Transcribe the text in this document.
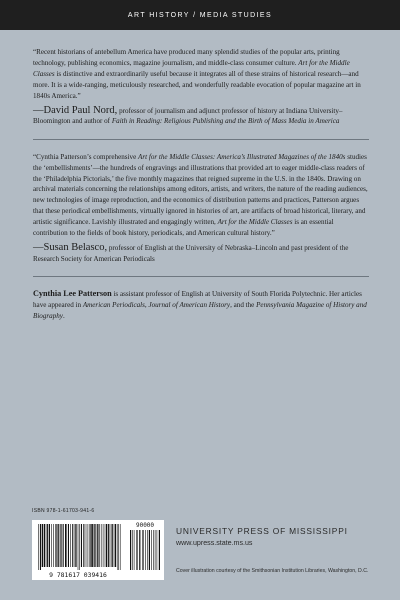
ART HISTORY / MEDIA STUDIES

“Recent historians of antebellum America have produced many splendid studies of the popular arts, printing technology, publishing economics, magazine journalism, and middle-class consumer culture. Art for the Middle Classes is distinctive and extraordinarily useful because it integrates all of these strains of historical research—and more. It is a wide-ranging, meticulously researched, and wonderfully readable evocation of popular magazine art in 1840s America.”

—David Paul Nord, professor of journalism and adjunct professor of history at Indiana University–Bloomington and author of Faith in Reading: Religious Publishing and the Birth of Mass Media in America

“Cynthia Patterson’s comprehensive Art for the Middle Classes: America’s Illustrated Magazines of the 1840s studies the ‘embellishments’—the hundreds of engravings and illustrations that provided art to eager middle-class readers of the ‘Philadelphia Pictorials,’ the five monthly magazines that reigned supreme in the U.S. in the 1840s. Drawing on archival materials concerning the relationships among editors, artists, and writers, the nature of the reading audiences, new technologies of image reproduction, and the economics of distribution patterns and practices, Patterson argues that these periodical embellishments, virtually ignored in histories of art, are artifacts of broad historical, literary, and artistic significance. Lavishly illustrated and engagingly written, Art for the Middle Classes is an essential contribution to the fields of book history, periodicals, and American cultural history.”

—Susan Belasco, professor of English at the University of Nebraska–Lincoln and past president of the Research Society for American Periodicals

Cynthia Lee Patterson is assistant professor of English at University of South Florida Polytechnic. Her articles have appeared in American Periodicals, Journal of American History, and the Pennsylvania Magazine of History and Biography.

ISBN 978-1-61703-941-6
90000
9 781617 039416
UNIVERSITY PRESS OF MISSISSIPPI
www.upress.state.ms.us
Cover illustration courtesy of the Smithsonian Institution Libraries, Washington, D.C.
